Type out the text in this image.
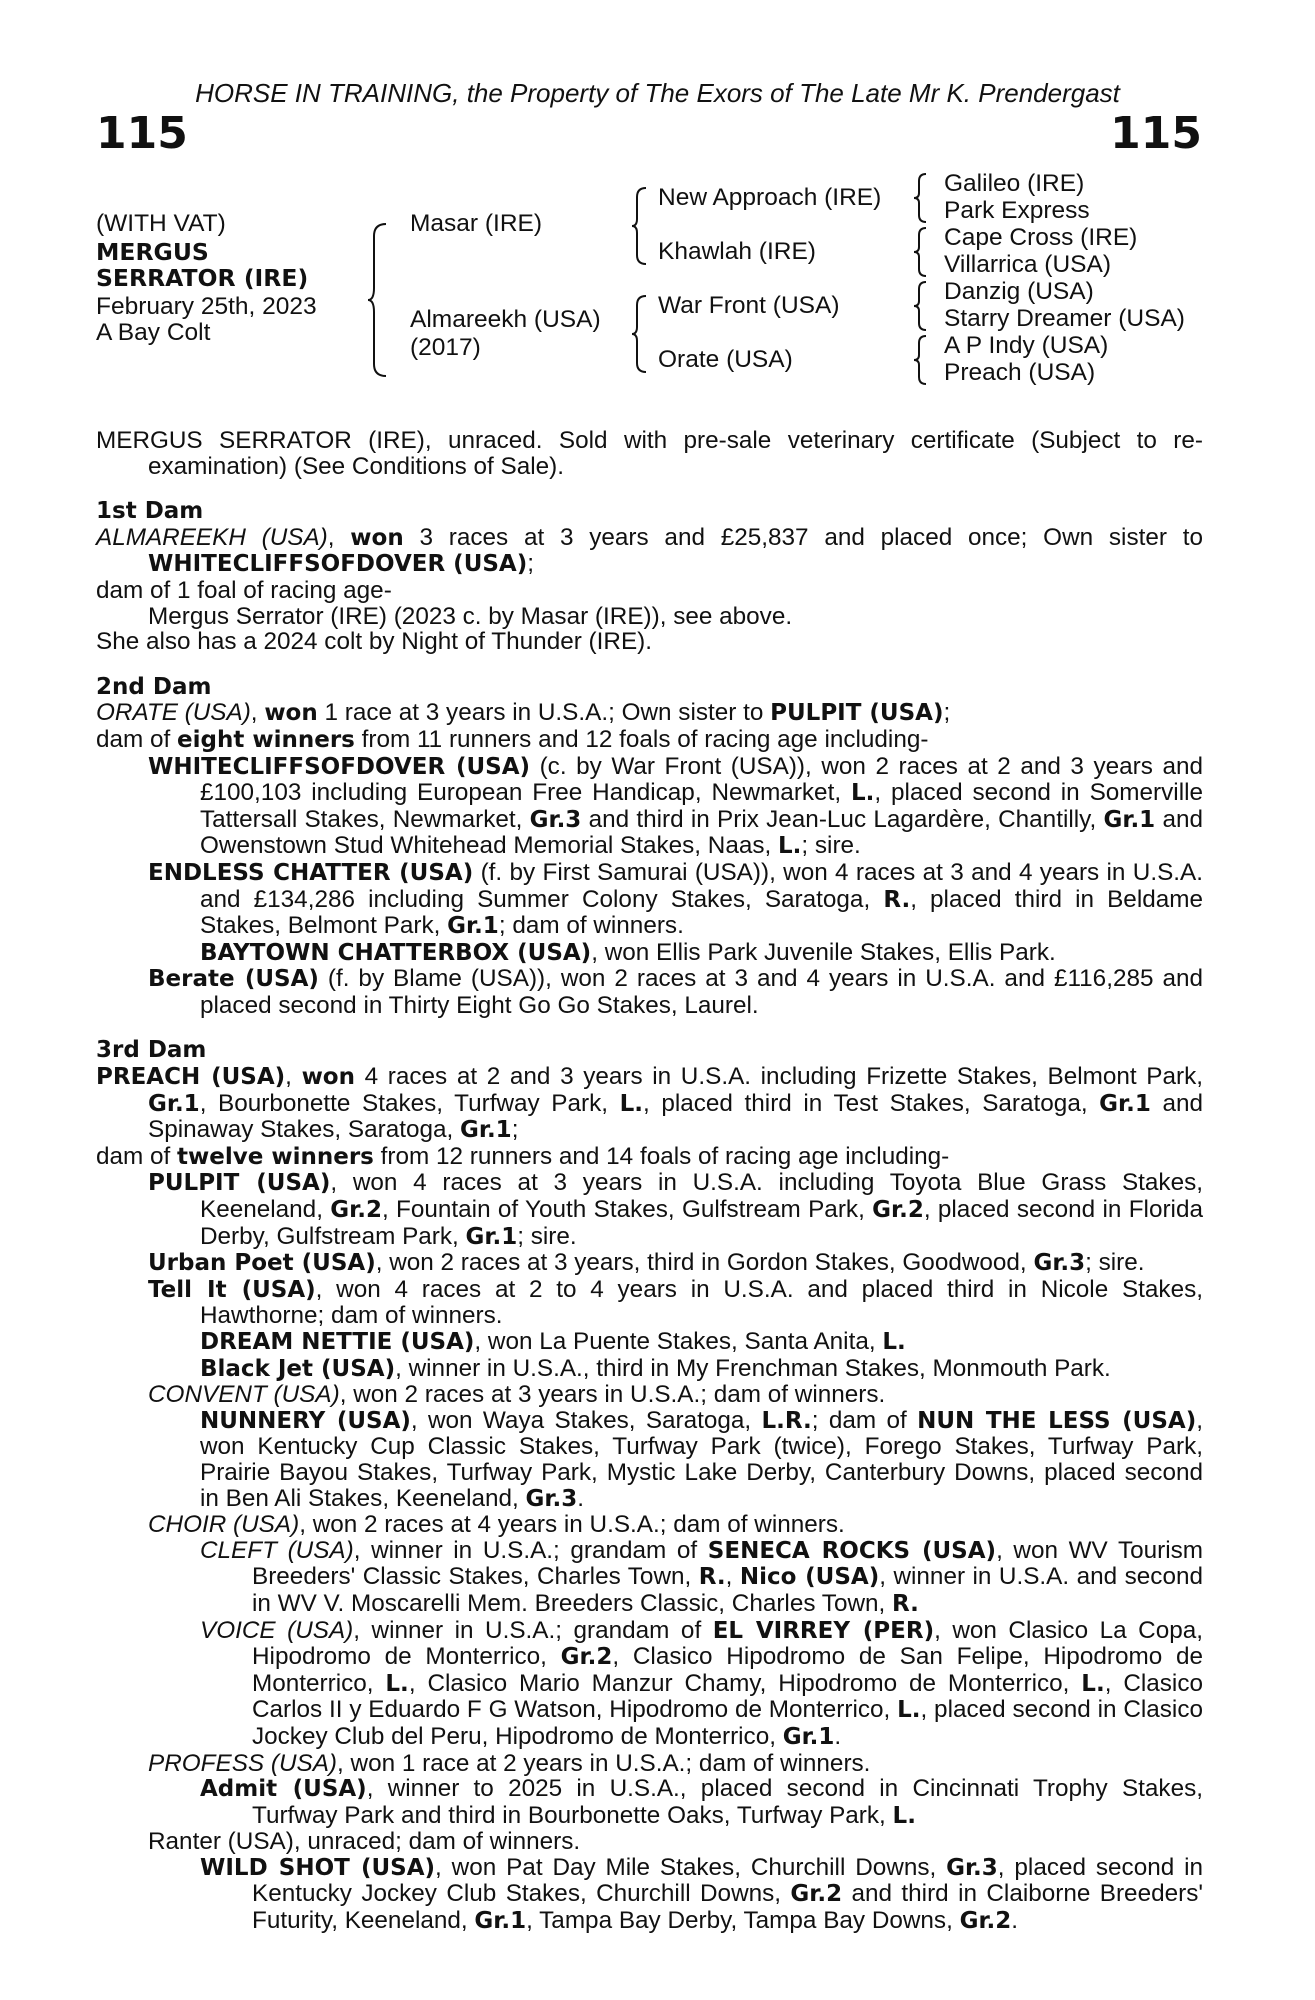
HORSE IN TRAINING, the Property of The Exors of The Late Mr K. Prendergast
115	115
(WITH VAT)
MERGUS
SERRATOR (IRE)
February 25th, 2023
A Bay Colt
Masar (IRE)
Almareekh (USA)
(2017)
New Approach (IRE)
Khawlah (IRE)
War Front (USA)
Orate (USA)
Galileo (IRE)
Park Express
Cape Cross (IRE)
Villarrica (USA)
Danzig (USA)
Starry Dreamer (USA)
A P Indy (USA)
Preach (USA)

MERGUS SERRATOR (IRE), unraced. Sold with pre-sale veterinary certificate (Subject to re-examination) (See Conditions of Sale).

1st Dam

ALMAREEKH (USA), won 3 races at 3 years and £25,837 and placed once; Own sister to WHITECLIFFSOFDOVER (USA);

dam of 1 foal of racing age-

Mergus Serrator (IRE) (2023 c. by Masar (IRE)), see above.

She also has a 2024 colt by Night of Thunder (IRE).

2nd Dam

ORATE (USA), won 1 race at 3 years in U.S.A.; Own sister to PULPIT (USA);

dam of eight winners from 11 runners and 12 foals of racing age including-

WHITECLIFFSOFDOVER (USA) (c. by War Front (USA)), won 2 races at 2 and 3 years and £100,103 including European Free Handicap, Newmarket, L., placed second in Somerville Tattersall Stakes, Newmarket, Gr.3 and third in Prix Jean-Luc Lagardère, Chantilly, Gr.1 and Owenstown Stud Whitehead Memorial Stakes, Naas, L.; sire.

ENDLESS CHATTER (USA) (f. by First Samurai (USA)), won 4 races at 3 and 4 years in U.S.A. and £134,286 including Summer Colony Stakes, Saratoga, R., placed third in Beldame Stakes, Belmont Park, Gr.1; dam of winners.

BAYTOWN CHATTERBOX (USA), won Ellis Park Juvenile Stakes, Ellis Park.

Berate (USA) (f. by Blame (USA)), won 2 races at 3 and 4 years in U.S.A. and £116,285 and placed second in Thirty Eight Go Go Stakes, Laurel.

3rd Dam

PREACH (USA), won 4 races at 2 and 3 years in U.S.A. including Frizette Stakes, Belmont Park, Gr.1, Bourbonette Stakes, Turfway Park, L., placed third in Test Stakes, Saratoga, Gr.1 and Spinaway Stakes, Saratoga, Gr.1;

dam of twelve winners from 12 runners and 14 foals of racing age including-

PULPIT (USA), won 4 races at 3 years in U.S.A. including Toyota Blue Grass Stakes, Keeneland, Gr.2, Fountain of Youth Stakes, Gulfstream Park, Gr.2, placed second in Florida Derby, Gulfstream Park, Gr.1; sire.

Urban Poet (USA), won 2 races at 3 years, third in Gordon Stakes, Goodwood, Gr.3; sire.

Tell It (USA), won 4 races at 2 to 4 years in U.S.A. and placed third in Nicole Stakes, Hawthorne; dam of winners.

DREAM NETTIE (USA), won La Puente Stakes, Santa Anita, L.

Black Jet (USA), winner in U.S.A., third in My Frenchman Stakes, Monmouth Park.

CONVENT (USA), won 2 races at 3 years in U.S.A.; dam of winners.

NUNNERY (USA), won Waya Stakes, Saratoga, L.R.; dam of NUN THE LESS (USA), won Kentucky Cup Classic Stakes, Turfway Park (twice), Forego Stakes, Turfway Park, Prairie Bayou Stakes, Turfway Park, Mystic Lake Derby, Canterbury Downs, placed second in Ben Ali Stakes, Keeneland, Gr.3.

CHOIR (USA), won 2 races at 4 years in U.S.A.; dam of winners.

CLEFT (USA), winner in U.S.A.; grandam of SENECA ROCKS (USA), won WV Tourism Breeders' Classic Stakes, Charles Town, R., Nico (USA), winner in U.S.A. and second in WV V. Moscarelli Mem. Breeders Classic, Charles Town, R.

VOICE (USA), winner in U.S.A.; grandam of EL VIRREY (PER), won Clasico La Copa, Hipodromo de Monterrico, Gr.2, Clasico Hipodromo de San Felipe, Hipodromo de Monterrico, L., Clasico Mario Manzur Chamy, Hipodromo de Monterrico, L., Clasico Carlos II y Eduardo F G Watson, Hipodromo de Monterrico, L., placed second in Clasico Jockey Club del Peru, Hipodromo de Monterrico, Gr.1.

PROFESS (USA), won 1 race at 2 years in U.S.A.; dam of winners.

Admit (USA), winner to 2025 in U.S.A., placed second in Cincinnati Trophy Stakes, Turfway Park and third in Bourbonette Oaks, Turfway Park, L.

Ranter (USA), unraced; dam of winners.

WILD SHOT (USA), won Pat Day Mile Stakes, Churchill Downs, Gr.3, placed second in Kentucky Jockey Club Stakes, Churchill Downs, Gr.2 and third in Claiborne Breeders' Futurity, Keeneland, Gr.1, Tampa Bay Derby, Tampa Bay Downs, Gr.2.
